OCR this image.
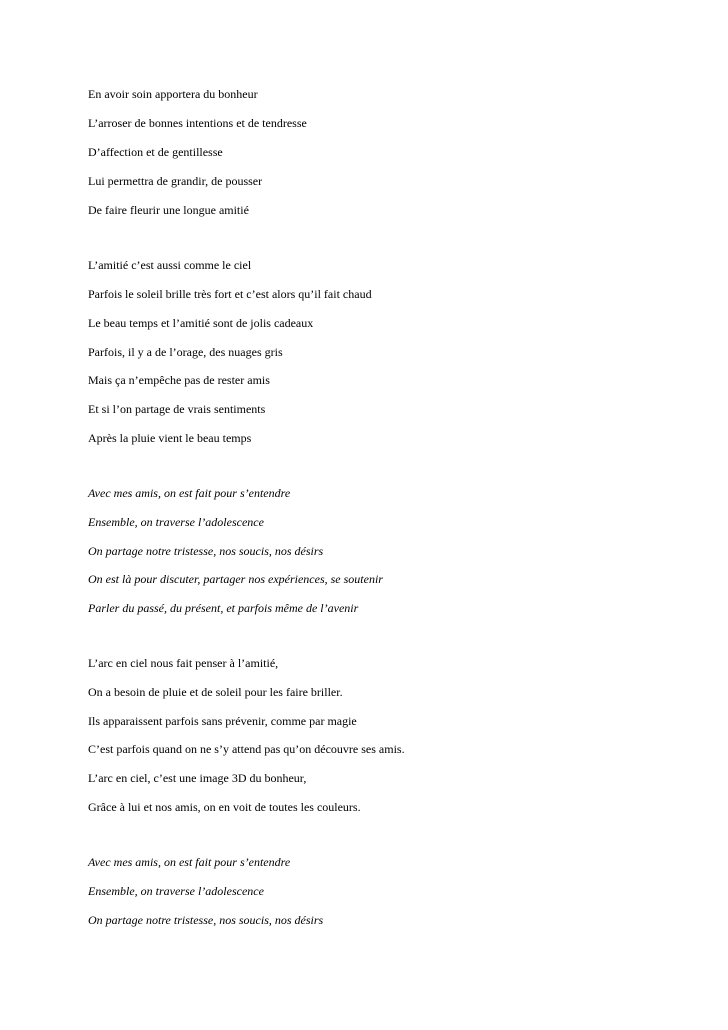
En avoir soin apportera du bonheur

L’arroser de bonnes intentions et de tendresse

D’affection et de gentillesse

Lui permettra de grandir, de pousser

De faire fleurir une longue amitié

L’amitié c’est aussi comme le ciel

Parfois le soleil brille très fort et c’est alors qu’il fait chaud

Le beau temps et l’amitié sont de jolis cadeaux

Parfois, il y a de l’orage, des nuages gris

Mais ça n’empêche pas de rester amis

Et si l’on partage de vrais sentiments

Après la pluie vient le beau temps

Avec mes amis, on est fait pour s’entendre

Ensemble, on traverse l’adolescence

On partage notre tristesse, nos soucis, nos désirs

On est là pour discuter, partager nos expériences, se soutenir

Parler du passé, du présent, et parfois même de l’avenir

L’arc en ciel nous fait penser à l’amitié,

On a besoin de pluie et de soleil pour les faire briller.

Ils apparaissent parfois sans prévenir, comme par magie

C’est parfois quand on ne s’y attend pas qu’on découvre ses amis.

L’arc en ciel, c’est une image 3D du bonheur,

Grâce à lui et nos amis, on en voit de toutes les couleurs.

Avec mes amis, on est fait pour s’entendre

Ensemble, on traverse l’adolescence

On partage notre tristesse, nos soucis, nos désirs
